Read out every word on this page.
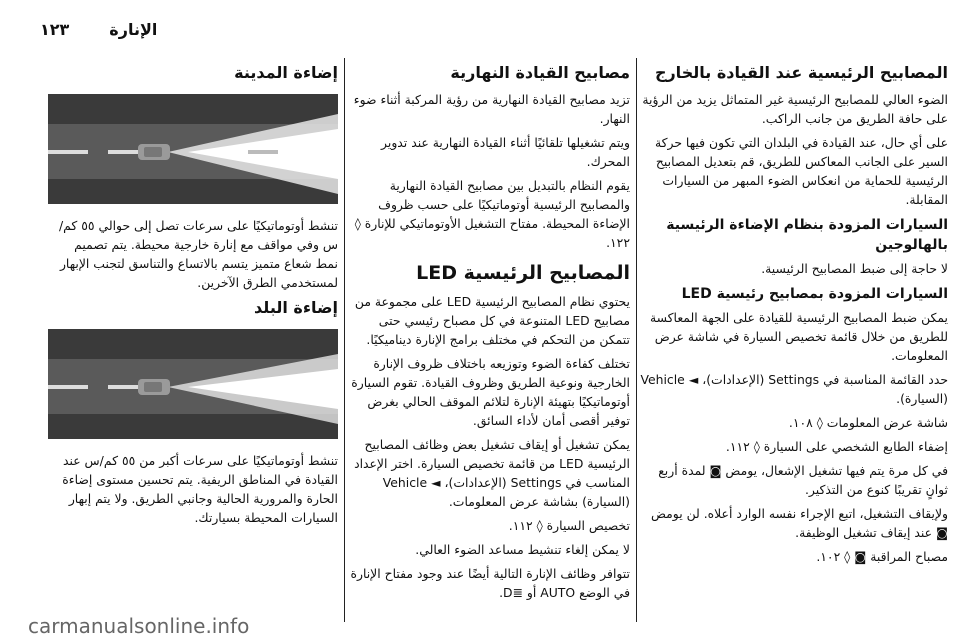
١٢٣	الإنارة
المصابيح الرئيسية عند القيادة بالخارج

الضوء العالي للمصابيح الرئيسية غير المتماثل يزيد من الرؤية على حافة الطريق من جانب الراكب.

على أي حال، عند القيادة في البلدان التي تكون فيها حركة السير على الجانب المعاكس للطريق، قم بتعديل المصابيح الرئيسية للحماية من انعكاس الضوء المبهر من السيارات المقابلة.

السيارات المزودة بنظام الإضاءة الرئيسية بالهالوجين

لا حاجة إلى ضبط المصابيح الرئيسية.

السيارات المزودة بمصابيح رئيسية LED

يمكن ضبط المصابيح الرئيسية للقيادة على الجهة المعاكسة للطريق من خلال قائمة تخصيص السيارة في شاشة عرض المعلومات.

حدد القائمة المناسبة في Settings (الإعدادات)، ◄ Vehicle (السيارة).

شاشة عرض المعلومات ◊ ١٠٨.

إضفاء الطابع الشخصي على السيارة ◊ ١١٢.

في كل مرة يتم فيها تشغيل الإشعال، يومض ◙ لمدة أربع ثوانٍ تقريبًا كنوع من التذكير.

ولإيقاف التشغيل، اتبع الإجراء نفسه الوارد أعلاه. لن يومض ◙ عند إيقاف تشغيل الوظيفة.

مصباح المراقبة ◙ ◊ ١٠٢.

مصابيح القيادة النهارية

تزيد مصابيح القيادة النهارية من رؤية المركبة أثناء ضوء النهار.

ويتم تشغيلها تلقائيًا أثناء القيادة النهارية عند تدوير المحرك.

يقوم النظام بالتبديل بين مصابيح القيادة النهارية والمصابيح الرئيسية أوتوماتيكيًا على حسب ظروف الإضاءة المحيطة. مفتاح التشغيل الأوتوماتيكي للإنارة ◊ ١٢٢.

المصابيح الرئيسية LED

يحتوي نظام المصابيح الرئيسية LED على مجموعة من مصابيح LED المتنوعة في كل مصباح رئيسي حتى تتمكن من التحكم في مختلف برامج الإنارة ديناميكيًا.

تختلف كفاءة الضوء وتوزيعه باختلاف ظروف الإنارة الخارجية ونوعية الطريق وظروف القيادة. تقوم السيارة أوتوماتيكيًا بتهيئة الإنارة لتلائم الموقف الحالي بغرض توفير أقصى أمان لأداء السائق.

يمكن تشغيل أو إيقاف تشغيل بعض وظائف المصابيح الرئيسية LED من قائمة تخصيص السيارة. اختر الإعداد المناسب في Settings (الإعدادات)، ◄ Vehicle (السيارة) بشاشة عرض المعلومات.

تخصيص السيارة ◊ ١١٢.

لا يمكن إلغاء تنشيط مساعد الضوء العالي.

تتوافر وظائف الإنارة التالية أيضًا عند وجود مفتاح الإنارة في الوضع AUTO أو ≣D.

إضاءة المدينة

تنشط أوتوماتيكيًا على سرعات تصل إلى حوالي ٥٥ كم/س وفي مواقف مع إنارة خارجية محيطة. يتم تصميم نمط شعاع متميز يتسم بالاتساع والتناسق لتجنب الإبهار لمستخدمي الطرق الآخرين.

إضاءة البلد

تنشط أوتوماتيكيًا على سرعات أكبر من ٥٥ كم/س عند القيادة في المناطق الريفية. يتم تحسين مستوى إضاءة الحارة والمرورية الحالية وجانبي الطريق. ولا يتم إبهار السيارات المحيطة بسيارتك.

carmanualsonline.info
